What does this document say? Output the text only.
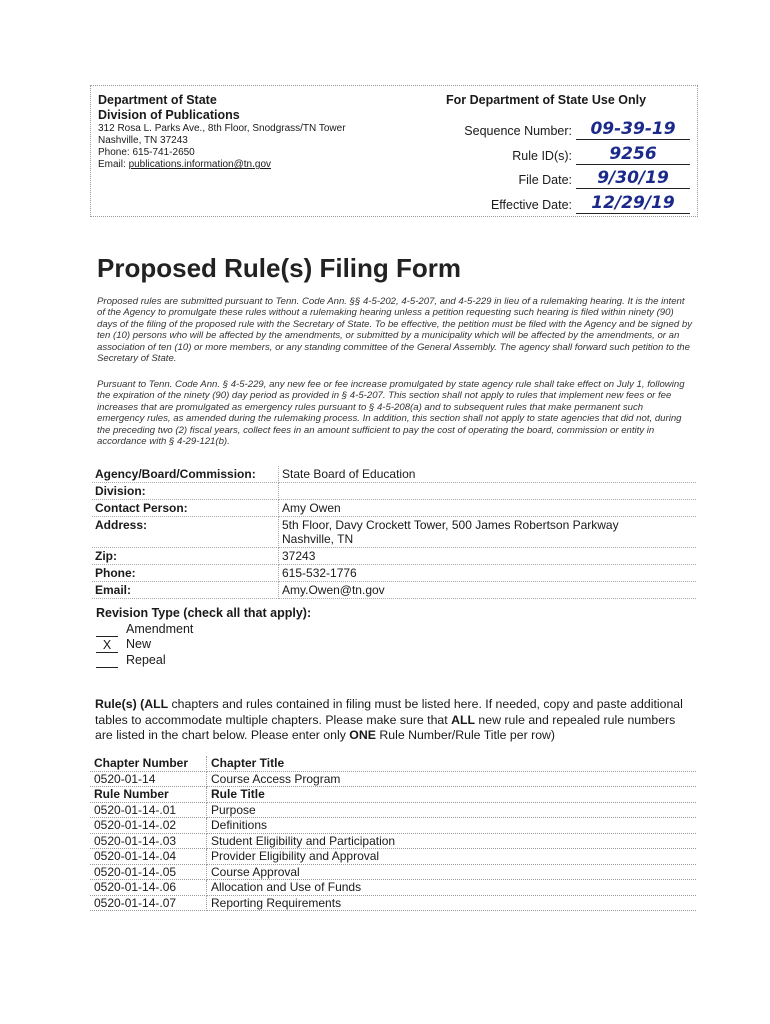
Department of State
Division of Publications
312 Rosa L. Parks Ave., 8th Floor, Snodgrass/TN Tower
Nashville, TN 37243
Phone: 615-741-2650
Email: publications.information@tn.gov
For Department of State Use Only
Sequence Number:	09-39-19
Rule ID(s):	9256
File Date:	9/30/19
Effective Date:	12/29/19
Proposed Rule(s) Filing Form
Proposed rules are submitted pursuant to Tenn. Code Ann. §§ 4-5-202, 4-5-207, and 4-5-229 in lieu of a rulemaking hearing. It is the intent of the Agency to promulgate these rules without a rulemaking hearing unless a petition requesting such hearing is filed within ninety (90) days of the filing of the proposed rule with the Secretary of State. To be effective, the petition must be filed with the Agency and be signed by ten (10) persons who will be affected by the amendments, or submitted by a municipality which will be affected by the amendments, or an association of ten (10) or more members, or any standing committee of the General Assembly. The agency shall forward such petition to the Secretary of State.
Pursuant to Tenn. Code Ann. § 4-5-229, any new fee or fee increase promulgated by state agency rule shall take effect on July 1, following the expiration of the ninety (90) day period as provided in § 4-5-207. This section shall not apply to rules that implement new fees or fee increases that are promulgated as emergency rules pursuant to § 4-5-208(a) and to subsequent rules that make permanent such emergency rules, as amended during the rulemaking process. In addition, this section shall not apply to state agencies that did not, during the preceding two (2) fiscal years, collect fees in an amount sufficient to pay the cost of operating the board, commission or entity in accordance with § 4-29-121(b).
Agency/Board/Commission:	State Board of Education
Division:	
Contact Person:	Amy Owen
Address:	5th Floor, Davy Crockett Tower, 500 James Robertson Parkway
Nashville, TN

Zip:	37243
Phone:	615-532-1776
Email:	Amy.Owen@tn.gov
Revision Type (check all that apply):
Amendment
X	New
Repeal
Rule(s) (ALL chapters and rules contained in filing must be listed here. If needed, copy and paste additional tables to accommodate multiple chapters. Please make sure that ALL new rule and repealed rule numbers are listed in the chart below. Please enter only ONE Rule Number/Rule Title per row)
Chapter Number	Chapter Title
0520-01-14	Course Access Program
Rule Number	Rule Title
0520-01-14-.01	Purpose
0520-01-14-.02	Definitions
0520-01-14-.03	Student Eligibility and Participation
0520-01-14-.04	Provider Eligibility and Approval
0520-01-14-.05	Course Approval
0520-01-14-.06	Allocation and Use of Funds
0520-01-14-.07	Reporting Requirements
